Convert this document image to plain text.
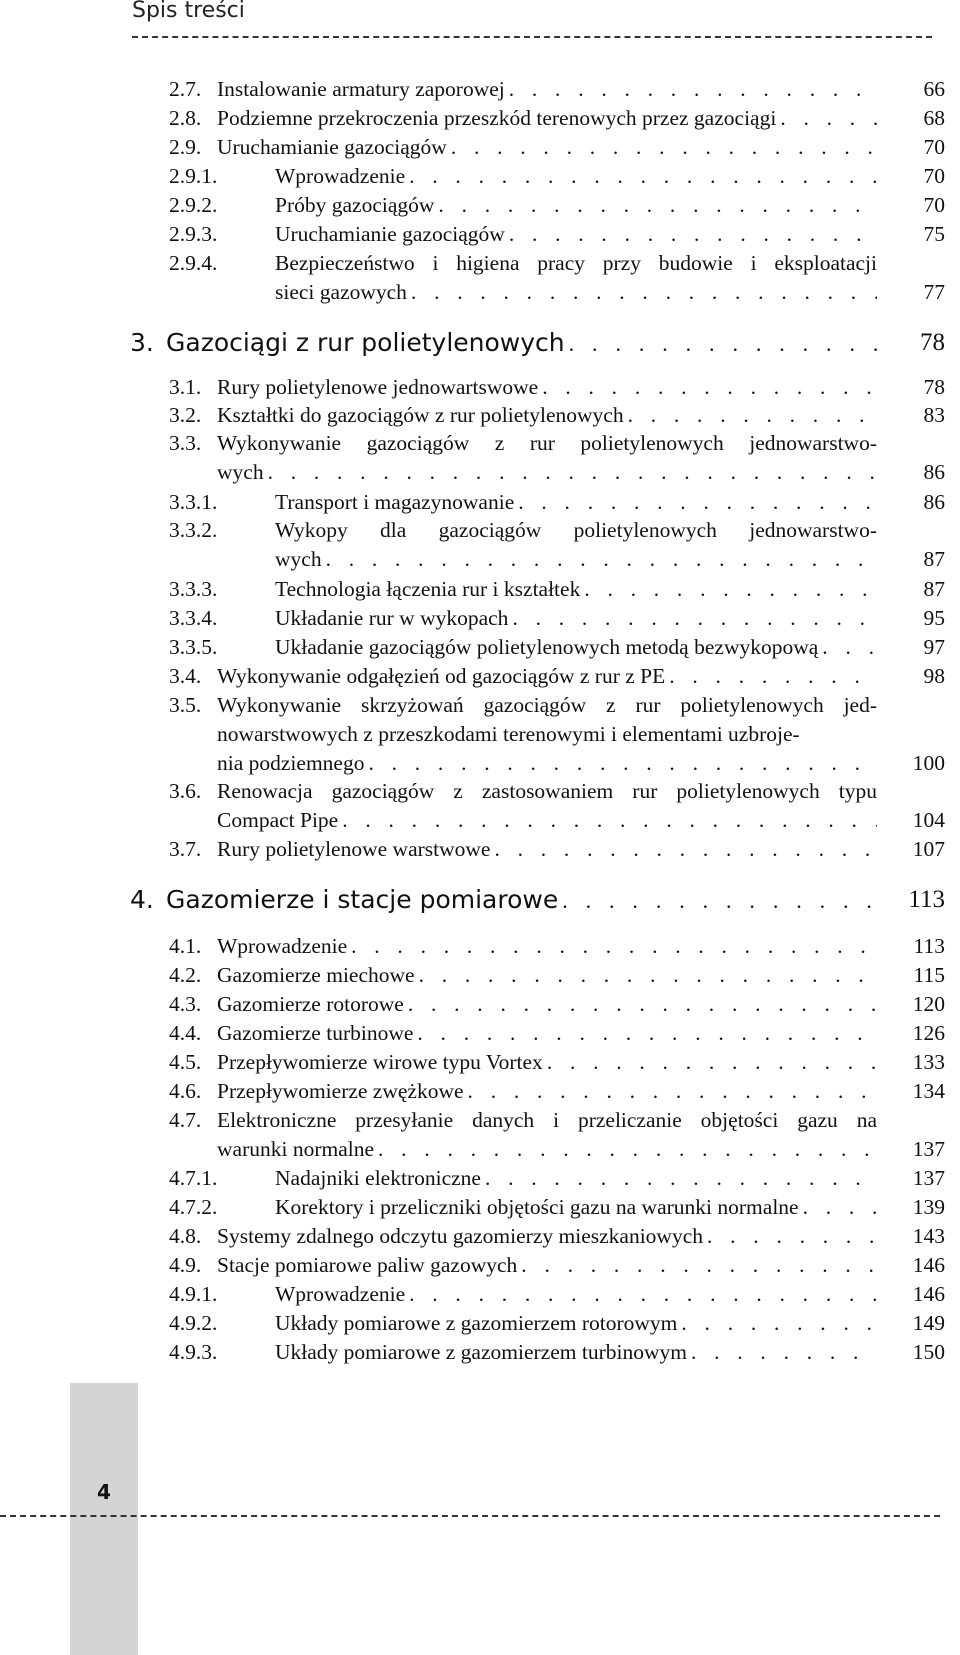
Spis treści
2.7. Instalowanie armatury zaporowej . . .	66
2.8. Podziemne przekroczenia przeszkód terenowych przez gazociągi . . .	68
2.9. Uruchamianie gazociągów . . .	70
2.9.1.	Wprowadzenie . . .	70
2.9.2.	Próby gazociągów . . .	70
2.9.3.	Uruchamianie gazociągów . . .	75
2.9.4.	Bezpieczeństwo i higiena pracy przy budowie i eksploatacji
sieci gazowych . . .	77
3. Gazociągi z rur polietylenowych . . .	78
3.1. Rury polietylenowe jednowartswowe . . .	78
3.2. Kształtki do gazociągów z rur polietylenowych . . .	83
3.3. Wykonywanie gazociągów z rur polietylenowych jednowarstwo-
wych . . .	86
3.3.1.	Transport i magazynowanie . . .	86
3.3.2.	Wykopy dla gazociągów polietylenowych jednowarstwo-
wych . . .	87
3.3.3.	Technologia łączenia rur i kształtek . . .	87
3.3.4.	Układanie rur w wykopach . . .	95
3.3.5.	Układanie gazociągów polietylenowych metodą bezwykopową . . .	97
3.4. Wykonywanie odgałęzień od gazociągów z rur z PE . . .	98
3.5. Wykonywanie skrzyżowań gazociągów z rur polietylenowych jed-
nowarstwowych z przeszkodami terenowymi i elementami uzbroje-
nia podziemnego . . .	100
3.6. Renowacja gazociągów z zastosowaniem rur polietylenowych typu
Compact Pipe . . .	104
3.7. Rury polietylenowe warstwowe . . .	107
4. Gazomierze i stacje pomiarowe . . .	113
4.1. Wprowadzenie . . .	113
4.2. Gazomierze miechowe . . .	115
4.3. Gazomierze rotorowe . . .	120
4.4. Gazomierze turbinowe . . .	126
4.5. Przepływomierze wirowe typu Vortex . . .	133
4.6. Przepływomierze zwężkowe . . .	134
4.7. Elektroniczne przesyłanie danych i przeliczanie objętości gazu na
warunki normalne . . .	137
4.7.1.	Nadajniki elektroniczne . . .	137
4.7.2.	Korektory i przeliczniki objętości gazu na warunki normalne . . .	139
4.8. Systemy zdalnego odczytu gazomierzy mieszkaniowych . . .	143
4.9. Stacje pomiarowe paliw gazowych . . .	146
4.9.1.	Wprowadzenie . . .	146
4.9.2.	Układy pomiarowe z gazomierzem rotorowym . . .	149
4.9.3.	Układy pomiarowe z gazomierzem turbinowym . . .	150
4
